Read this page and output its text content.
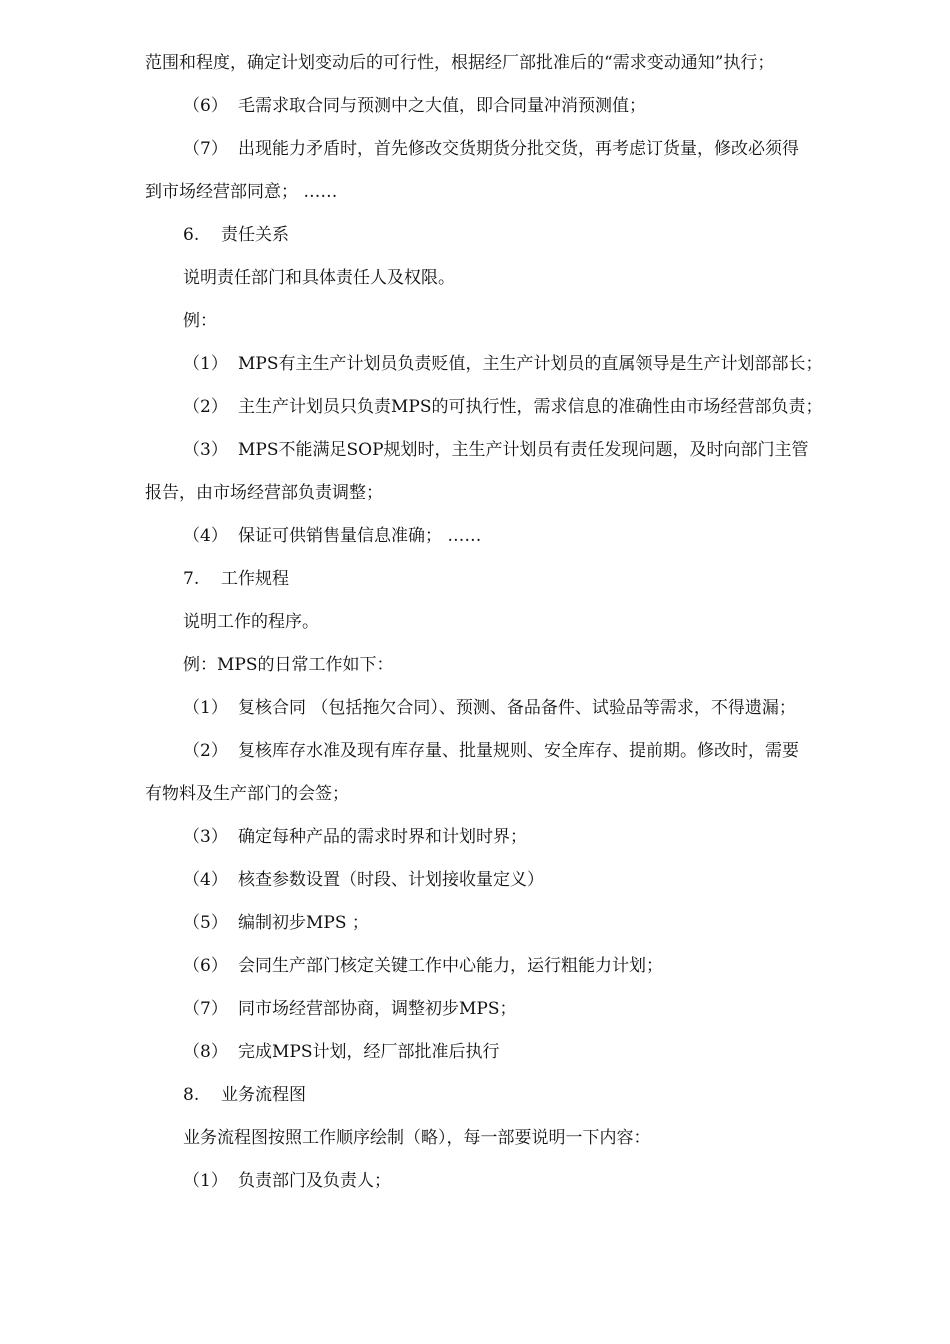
范围和程度，确定计划变动后的可行性，根据经厂部批准后的“需求变动通知”执行；
（6） 毛需求取合同与预测中之大值，即合同量冲消预测值；
（7） 出现能力矛盾时，首先修改交货期货分批交货，再考虑订货量，修改必须得
到市场经营部同意； ……
6. 责任关系
说明责任部门和具体责任人及权限。
例：
（1） MPS有主生产计划员负责贬值，主生产计划员的直属领导是生产计划部部长；
（2） 主生产计划员只负责MPS的可执行性，需求信息的准确性由市场经营部负责；
（3） MPS不能满足SOP规划时，主生产计划员有责任发现问题，及时向部门主管
报告，由市场经营部负责调整；
（4） 保证可供销售量信息准确； ……
7. 工作规程
说明工作的程序。
例：MPS的日常工作如下：
（1） 复核合同 （包括拖欠合同）、预测、备品备件、试验品等需求，不得遗漏；
（2） 复核库存水准及现有库存量、批量规则、安全库存、提前期。修改时，需要
有物料及生产部门的会签；
（3） 确定每种产品的需求时界和计划时界；
（4） 核查参数设置（时段、计划接收量定义）
（5） 编制初步MPS ；
（6） 会同生产部门核定关键工作中心能力，运行粗能力计划；
（7） 同市场经营部协商，调整初步MPS；
（8） 完成MPS计划，经厂部批准后执行
8. 业务流程图
业务流程图按照工作顺序绘制（略），每一部要说明一下内容：
（1） 负责部门及负责人；
